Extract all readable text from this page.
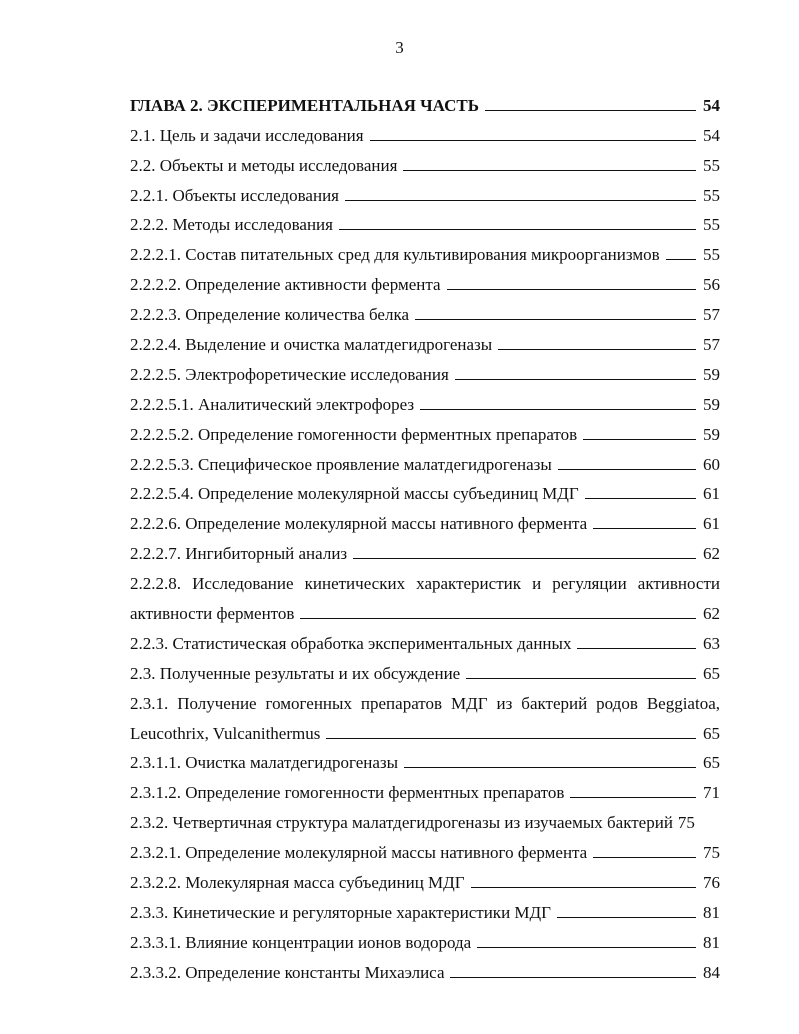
3
ГЛАВА 2. ЭКСПЕРИМЕНТАЛЬНАЯ ЧАСТЬ	54
2.1. Цель и задачи исследования	54
2.2. Объекты и методы исследования	55
2.2.1. Объекты исследования	55
2.2.2. Методы исследования	55
2.2.2.1. Состав питательных сред для культивирования микроорганизмов	55
2.2.2.2. Определение активности фермента	56
2.2.2.3. Определение количества белка	57
2.2.2.4. Выделение и очистка малатдегидрогеназы	57
2.2.2.5. Электрофоретические исследования	59
2.2.2.5.1. Аналитический электрофорез	59
2.2.2.5.2. Определение гомогенности ферментных препаратов	59
2.2.2.5.3. Специфическое проявление малатдегидрогеназы	60
2.2.2.5.4. Определение молекулярной массы субъединиц МДГ	61
2.2.2.6. Определение молекулярной массы нативного фермента	61
2.2.2.7. Ингибиторный анализ	62
2.2.2.8. Исследование кинетических характеристик и регуляции активности
активности ферментов	62
2.2.3. Статистическая обработка экспериментальных данных	63
2.3. Полученные результаты и их обсуждение	65
2.3.1. Получение гомогенных препаратов МДГ из бактерий родов Beggiatoa,
Leucothrix, Vulcanithermus	65
2.3.1.1. Очистка малатдегидрогеназы	65
2.3.1.2. Определение гомогенности ферментных препаратов	71
2.3.2. Четвертичная структура малатдегидрогеназы из изучаемых бактерий 75
2.3.2.1. Определение молекулярной массы нативного фермента	75
2.3.2.2. Молекулярная масса субъединиц МДГ	76
2.3.3. Кинетические и регуляторные характеристики МДГ	81
2.3.3.1. Влияние концентрации ионов водорода	81
2.3.3.2. Определение константы Михаэлиса	84
